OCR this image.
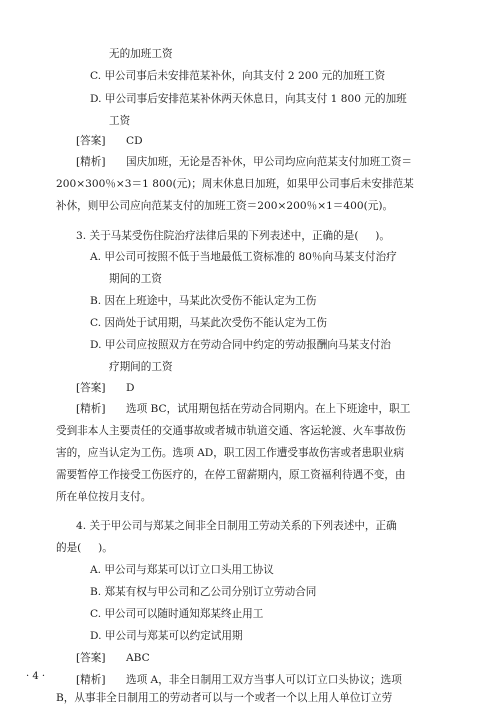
无的加班工资
C. 甲公司事后未安排范某补休，向其支付 2 200 元的加班工资
D. 甲公司事后安排范某补休两天休息日，向其支付 1 800 元的加班
工资
[答案] CD
[精析] 国庆加班，无论是否补休，甲公司均应向范某支付加班工资＝
200×300％×3＝1 800(元)；周末休息日加班，如果甲公司事后未安排范某
补休，则甲公司应向范某支付的加班工资＝200×200％×1＝400(元)。
3. 关于马某受伤住院治疗法律后果的下列表述中，正确的是(     )。
A. 甲公司可按照不低于当地最低工资标准的 80％向马某支付治疗
期间的工资
B. 因在上班途中，马某此次受伤不能认定为工伤
C. 因尚处于试用期，马某此次受伤不能认定为工伤
D. 甲公司应按照双方在劳动合同中约定的劳动报酬向马某支付治
疗期间的工资
[答案] D
[精析] 选项 BC，试用期包括在劳动合同期内。在上下班途中，职工
受到非本人主要责任的交通事故或者城市轨道交通、客运轮渡、火车事故伤
害的，应当认定为工伤。选项 AD，职工因工作遭受事故伤害或者患职业病
需要暂停工作接受工伤医疗的，在停工留薪期内，原工资福利待遇不变，由
所在单位按月支付。
4. 关于甲公司与郑某之间非全日制用工劳动关系的下列表述中，正确
的是(     )。
A. 甲公司与郑某可以订立口头用工协议
B. 郑某有权与甲公司和乙公司分别订立劳动合同
C. 甲公司可以随时通知郑某终止用工
D. 甲公司与郑某可以约定试用期
[答案] ABC
[精析] 选项 A，非全日制用工双方当事人可以订立口头协议；选项
B，从事非全日制用工的劳动者可以与一个或者一个以上用人单位订立劳
· 4 ·
